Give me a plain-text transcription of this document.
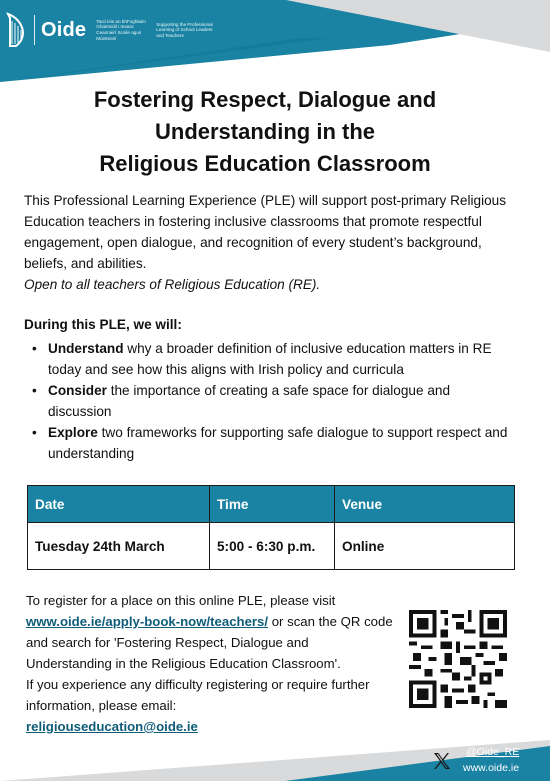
Oide Tacú leis an bhFoghlaim Ghairmiúil i measc Ceannairí Scoile agus Múinteoirí
Supporting the Professional Learning of School Leaders and Teachers
Fostering Respect, Dialogue and
Understanding in the
Religious Education Classroom
This Professional Learning Experience (PLE) will support post-primary Religious Education teachers in fostering inclusive classrooms that promote respectful engagement, open dialogue, and recognition of every student’s background, beliefs, and abilities.
Open to all teachers of Religious Education (RE).
During this PLE, we will:
• Understand why a broader definition of inclusive education matters in RE today and see how this aligns with Irish policy and curricula
• Consider the importance of creating a safe space for dialogue and discussion
• Explore two frameworks for supporting safe dialogue to support respect and understanding
Date	Time	Venue
Tuesday 24th March	5:00 - 6:30 p.m.	Online
To register for a place on this online PLE, please visit
www.oide.ie/apply-book-now/teachers/ or scan the QR code and search for 'Fostering Respect, Dialogue and Understanding in the Religious Education Classroom'.
If you experience any difficulty registering or require further information, please email:
religiouseducation@oide.ie
@Oide_RE
www.oide.ie
